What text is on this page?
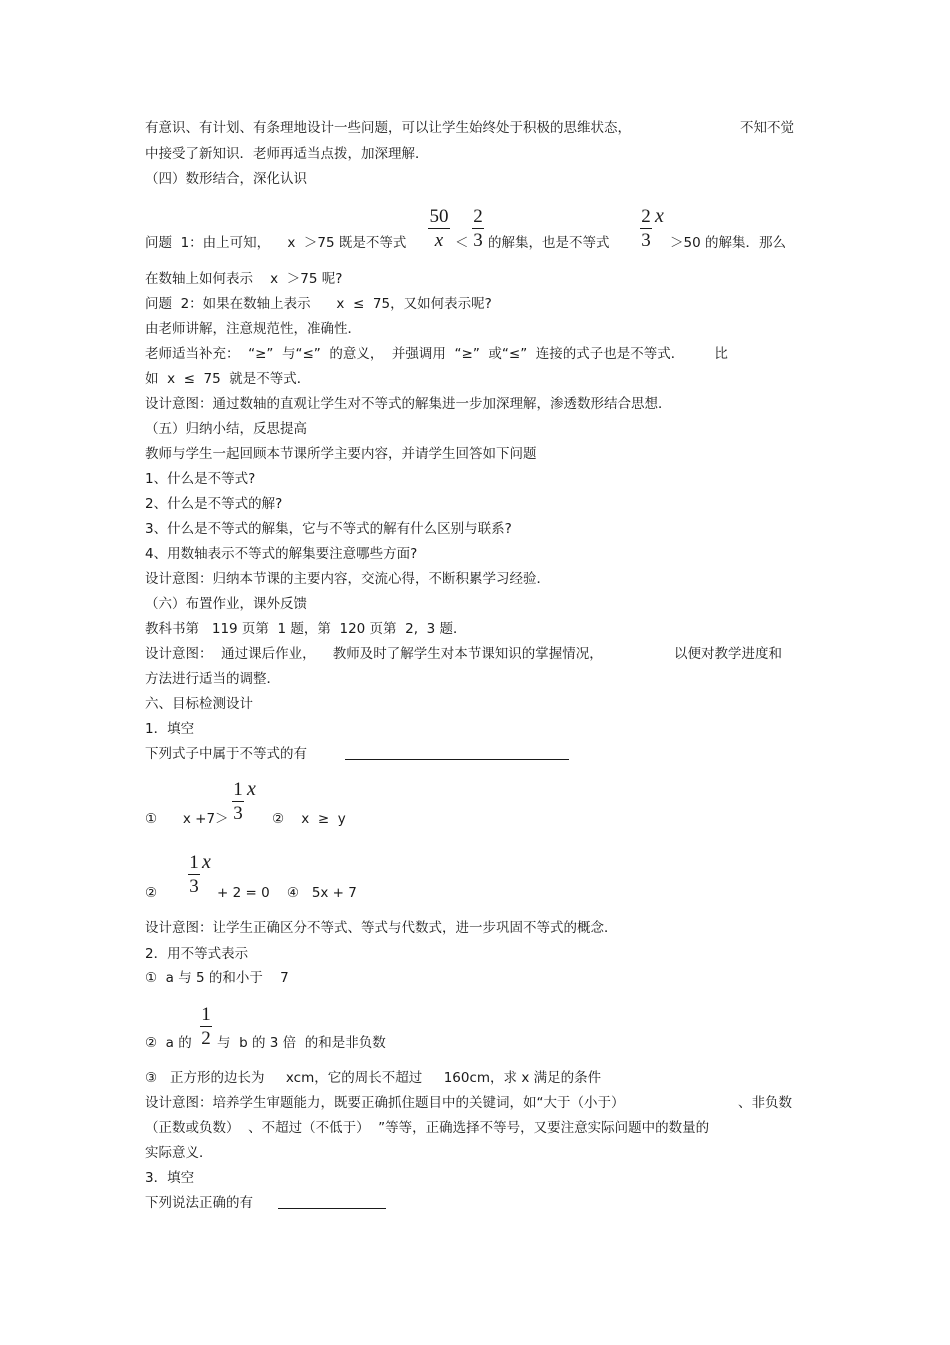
有意识、有计划、有条理地设计一些问题，可以让学生始终处于积极的思维状态，	不知不觉
中接受了新知识．老师再适当点拨，加深理解．
（四）数形结合，深化认识
问题  1：由上可知，    x  ＞75 既是不等式
50
x ＜
2
3 的解集，也是不等式
2
3
x
＞50 的解集．那么
在数轴上如何表示    x  ＞75 呢?
问题  2：如果在数轴上表示      x  ≤  75，又如何表示呢?
由老师讲解，注意规范性，准确性．
老师适当补充：  “≥”  与“≤”  的意义，  并强调用  “≥”  或“≤”  连接的式子也是不等式．       比
如  x  ≤  75  就是不等式．
设计意图：通过数轴的直观让学生对不等式的解集进一步加深理解，渗透数形结合思想．
（五）归纳小结，反思提高
教师与学生一起回顾本节课所学主要内容，并请学生回答如下问题
1、什么是不等式?
2、什么是不等式的解?
3、什么是不等式的解集，它与不等式的解有什么区别与联系?
4、用数轴表示不等式的解集要注意哪些方面?
设计意图：归纳本节课的主要内容，交流心得，不断积累学习经验．
（六）布置作业，课外反馈
教科书第   119 页第  1 题，第  120 页第  2,  3 题．
设计意图：  通过课后作业，    教师及时了解学生对本节课知识的掌握情况，	以便对教学进度和
方法进行适当的调整．
六、目标检测设计
1．填空
下列式子中属于不等式的有
①      x +7＞
1
3
x
②    x  ≥  y
②
1
3
x
+ 2 = 0    ④   5x + 7
设计意图：让学生正确区分不等式、等式与代数式，进一步巩固不等式的概念．
2．用不等式表示
①  a 与 5 的和小于    7
②  a 的
1
2 与  b 的 3 倍  的和是非负数
③   正方形的边长为     xcm，它的周长不超过     160cm，求 x 满足的条件
设计意图：培养学生审题能力，既要正确抓住题目中的关键词，如“大于（小于）	、非负数
（正数或负数）  、不超过（不低于）  ”等等，正确选择不等号，又要注意实际问题中的数量的
实际意义．
3．填空
下列说法正确的有
